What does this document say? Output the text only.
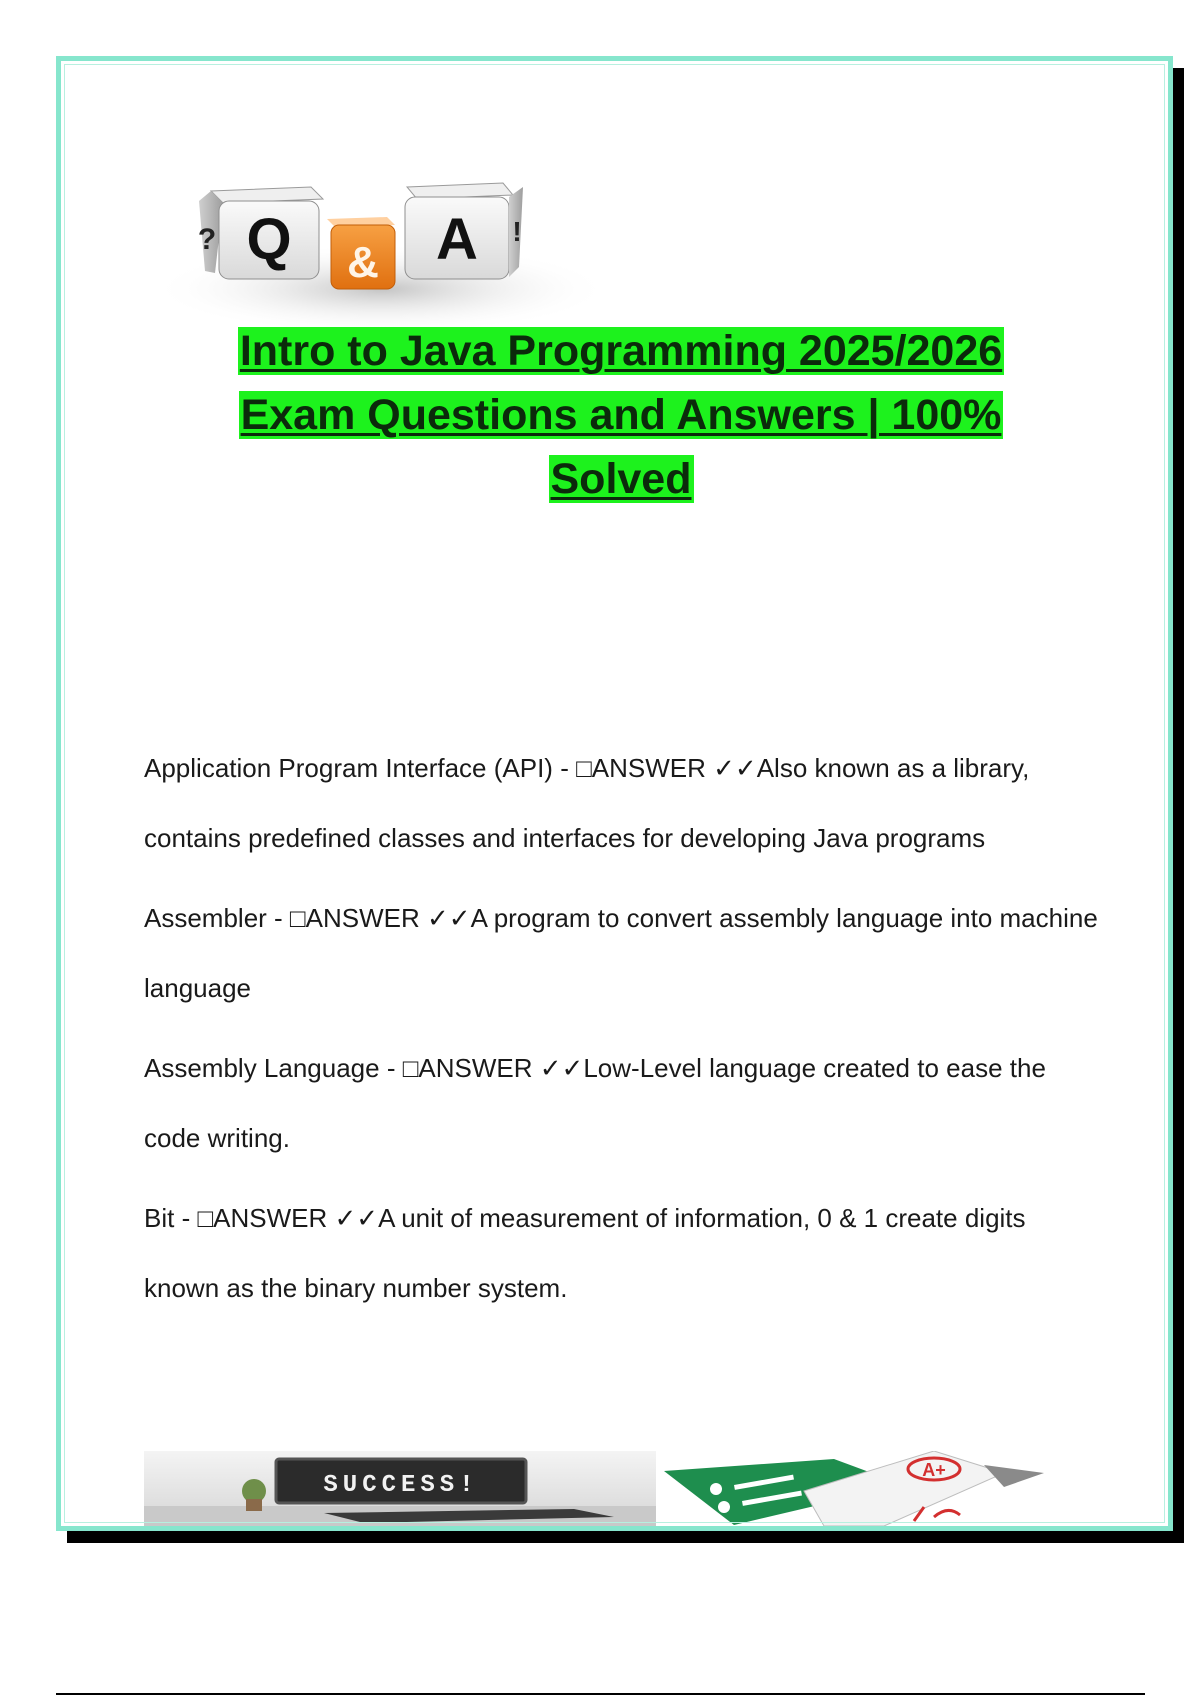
Q
?	& A !
Intro to Java Programming 2025/2026
Exam Questions and Answers | 100%
Solved

Application Program Interface (API) - □ANSWER ✓✓Also known as a library, contains predefined classes and interfaces for developing Java programs

Assembler - □ANSWER ✓✓A program to convert assembly language into machine language

Assembly Language - □ANSWER ✓✓Low-Level language created to ease the code writing.

Bit - □ANSWER ✓✓A unit of measurement of information, 0 & 1 create digits known as the binary number system.

SUCCESS!
A+
